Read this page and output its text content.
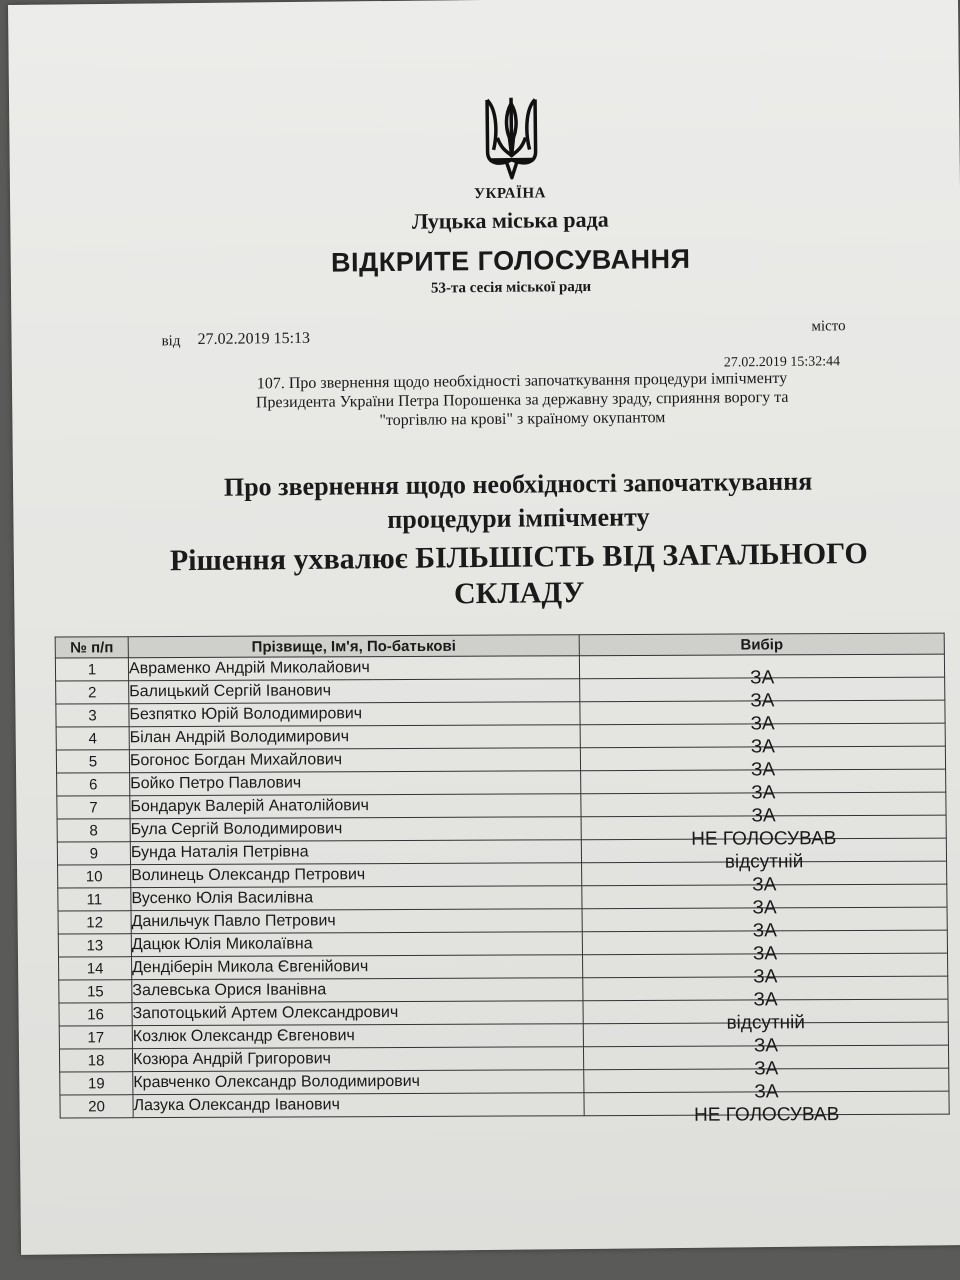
УКРАЇНА
Луцька міська рада
ВІДКРИТЕ ГОЛОСУВАННЯ
53-та сесія міської ради
від 27.02.2019 15:13
місто
27.02.2019 15:32:44
107. Про звернення щодо необхідності започаткування процедури імпічменту
Президента України Петра Порошенка за державну зраду, сприяння ворогу та
"торгівлю на крові" з країному окупантом
Про звернення щодо необхідності започаткування
процедури імпічменту
Рішення ухвалює БІЛЬШІСТЬ ВІД ЗАГАЛЬНОГО
СКЛАДУ
№ п/п	Прізвище, Ім'я, По-батькові	Вибір
1	Авраменко Андрій Миколайович	ЗА
2	Балицький Сергій Іванович	ЗА
3	Безпятко Юрій Володимирович	ЗА
4	Білан Андрій Володимирович	ЗА
5	Богонос Богдан Михайлович	ЗА
6	Бойко Петро Павлович	ЗА
7	Бондарук Валерій Анатолійович	ЗА
8	Була Сергій Володимирович	НЕ ГОЛОСУВАВ
9	Бунда Наталія Петрівна	відсутній
10	Волинець Олександр Петрович	ЗА
11	Вусенко Юлія Василівна	ЗА
12	Данильчук Павло Петрович	ЗА
13	Дацюк Юлія Миколаївна	ЗА
14	Дендіберін Микола Євгенійович	ЗА
15	Залевська Орися Іванівна	ЗА
16	Запотоцький Артем Олександрович	відсутній
17	Козлюк Олександр Євгенович	ЗА
18	Козюра Андрій Григорович	ЗА
19	Кравченко Олександр Володимирович	ЗА
20	Лазука Олександр Іванович	НЕ ГОЛОСУВАВ
